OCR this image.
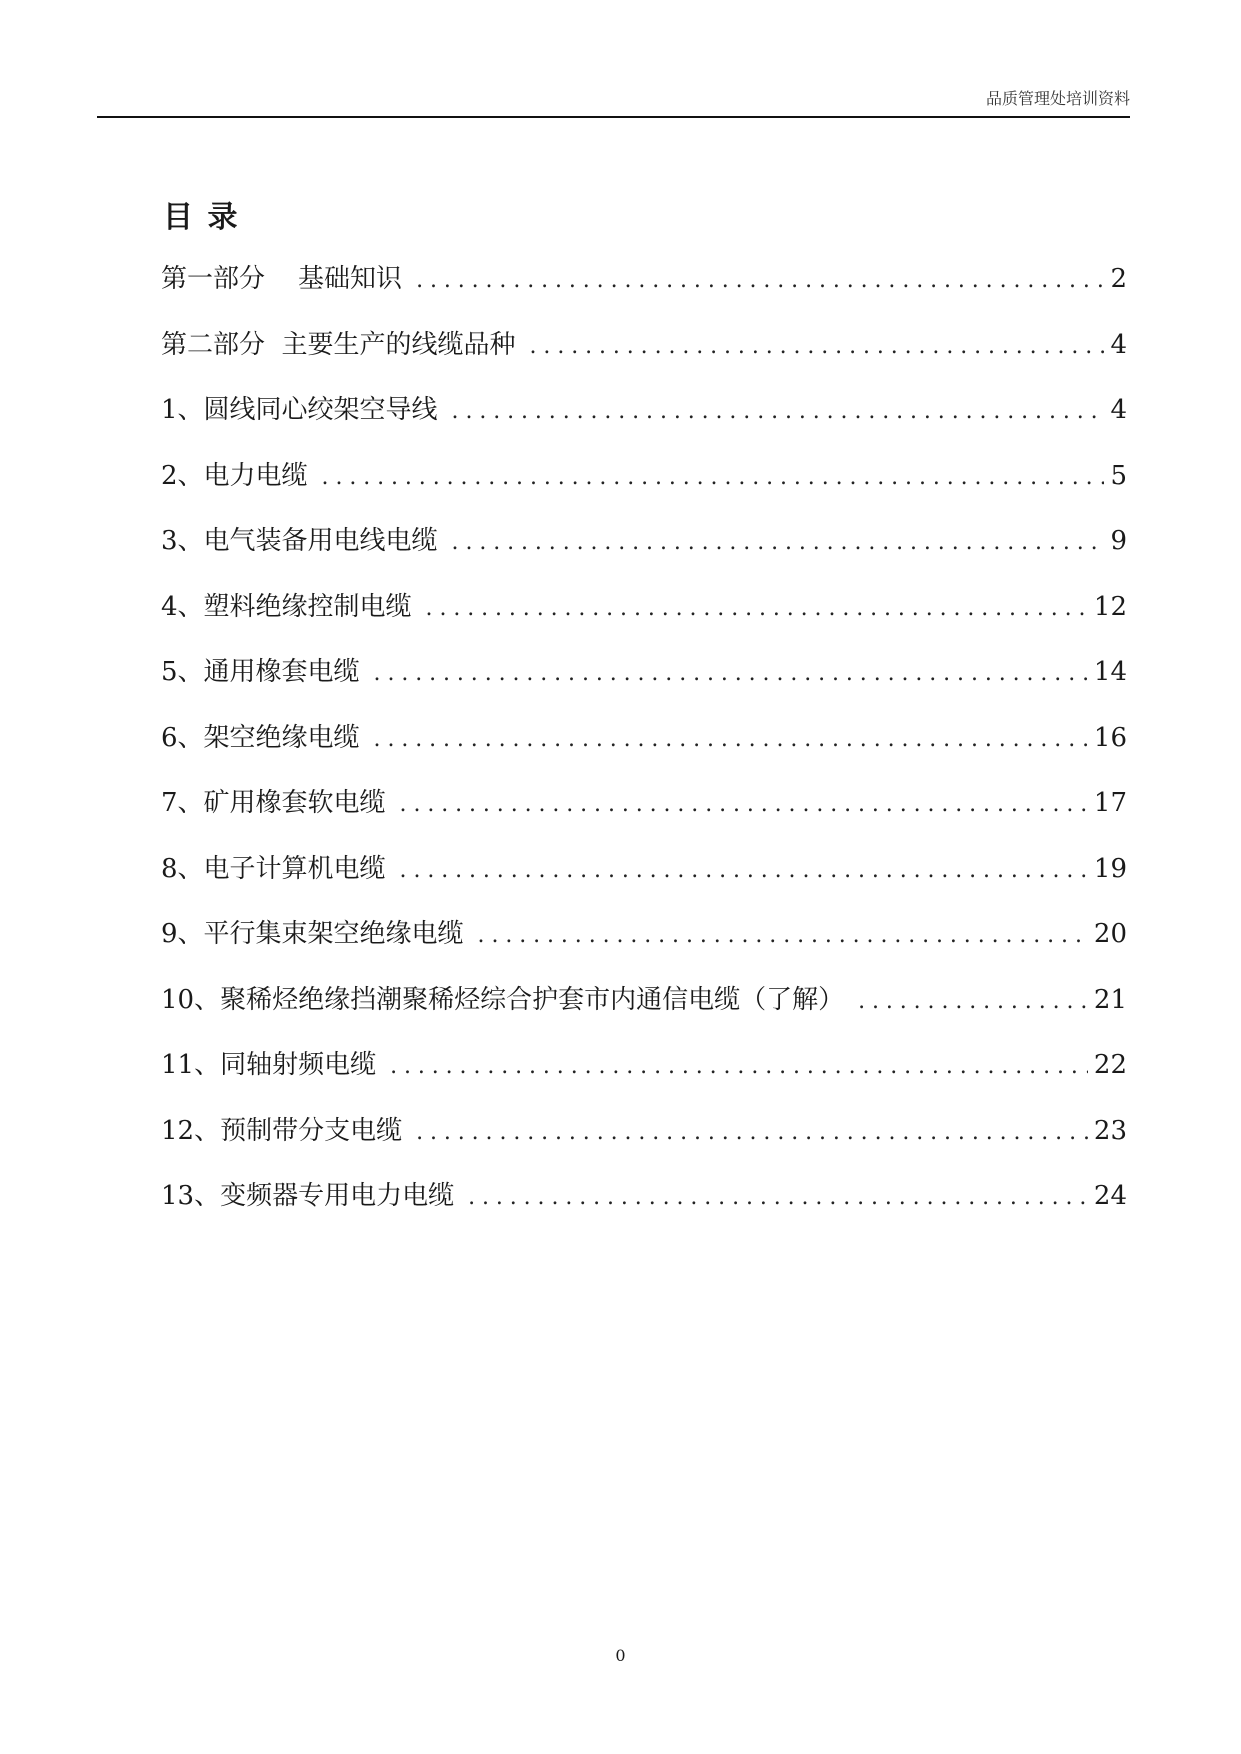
品质管理处培训资料
目 录
第一部分    基础知识 .....	2
第二部分  主要生产的线缆品种 .....	4
1、圆线同心绞架空导线 .....	4
2、电力电缆 .....	5
3、电气装备用电线电缆 .....	9
4、塑料绝缘控制电缆 .....	12
5、通用橡套电缆 .....	14
6、架空绝缘电缆 .....	16
7、矿用橡套软电缆 .....	17
8、电子计算机电缆 .....	19
9、平行集束架空绝缘电缆 .....	20
10、聚稀烃绝缘挡潮聚稀烃综合护套市内通信电缆（了解） .....	21
11、同轴射频电缆 .....	22
12、预制带分支电缆 .....	23
13、变频器专用电力电缆 .....	24
0
